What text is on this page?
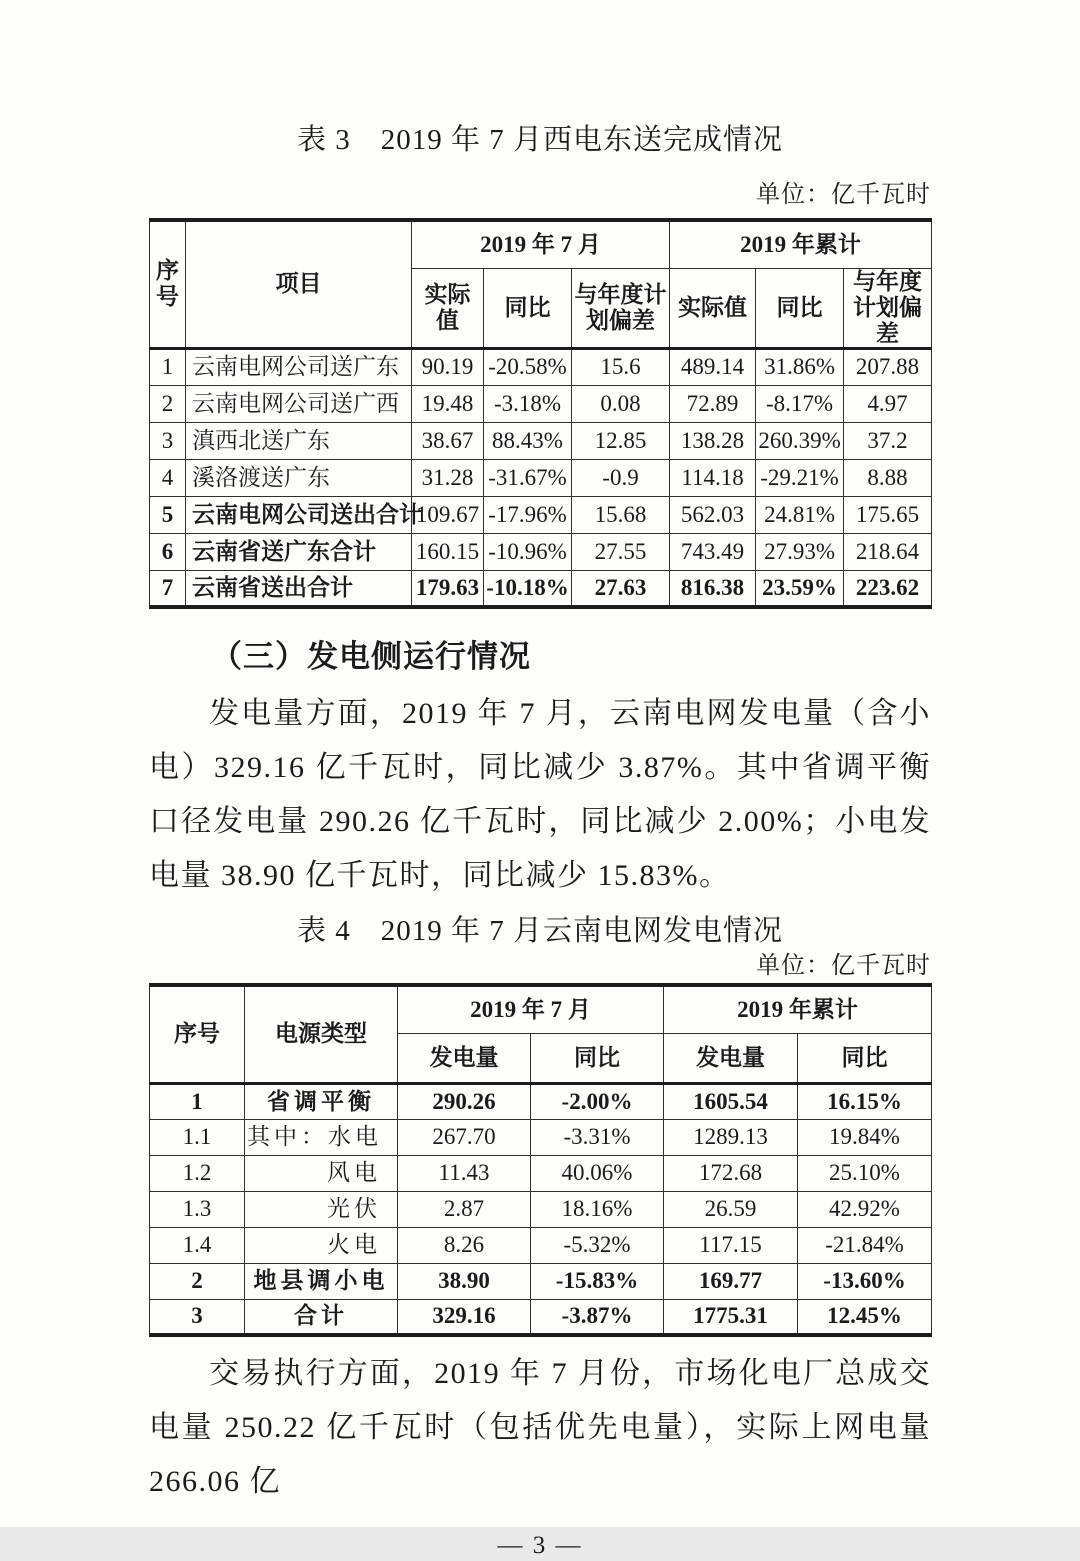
表 3　2019 年 7 月西电东送完成情况
单位：亿千瓦时
序号	项目	2019 年 7 月			2019 年累计		
		实际值	同比	与年度计划偏差	实际值	同比	与年度计划偏差
1	云南电网公司送广东	90.19	-20.58%	15.6	489.14	31.86%	207.88
2	云南电网公司送广西	19.48	-3.18%	0.08	72.89	-8.17%	4.97
3	滇西北送广东	38.67	88.43%	12.85	138.28	260.39%	37.2
4	溪洛渡送广东	31.28	-31.67%	-0.9	114.18	-29.21%	8.88
5	云南电网公司送出合计	109.67	-17.96%	15.68	562.03	24.81%	175.65
6	云南省送广东合计	160.15	-10.96%	27.55	743.49	27.93%	218.64
7	云南省送出合计	179.63	-10.18%	27.63	816.38	23.59%	223.62
（三）发电侧运行情况

发电量方面，2019 年 7 月，云南电网发电量（含小电）329.16 亿千瓦时，同比减少 3.87%。其中省调平衡口径发电量 290.26 亿千瓦时，同比减少 2.00%；小电发电量 38.90 亿千瓦时，同比减少 15.83%。

表 4　2019 年 7 月云南电网发电情况
单位：亿千瓦时
序号	电源类型	2019 年 7 月		2019 年累计	
		发电量	同比	发电量	同比
1	省调平衡	290.26	-2.00%	1605.54	16.15%
1.1	其中：水电	267.70	-3.31%	1289.13	19.84%
1.2	风电	11.43	40.06%	172.68	25.10%
1.3	光伏	2.87	18.16%	26.59	42.92%
1.4	火电	8.26	-5.32%	117.15	-21.84%
2	地县调小电	38.90	-15.83%	169.77	-13.60%
3	合计	329.16	-3.87%	1775.31	12.45%

交易执行方面，2019 年 7 月份，市场化电厂总成交电量 250.22 亿千瓦时（包括优先电量），实际上网电量 266.06 亿

— 3 —
